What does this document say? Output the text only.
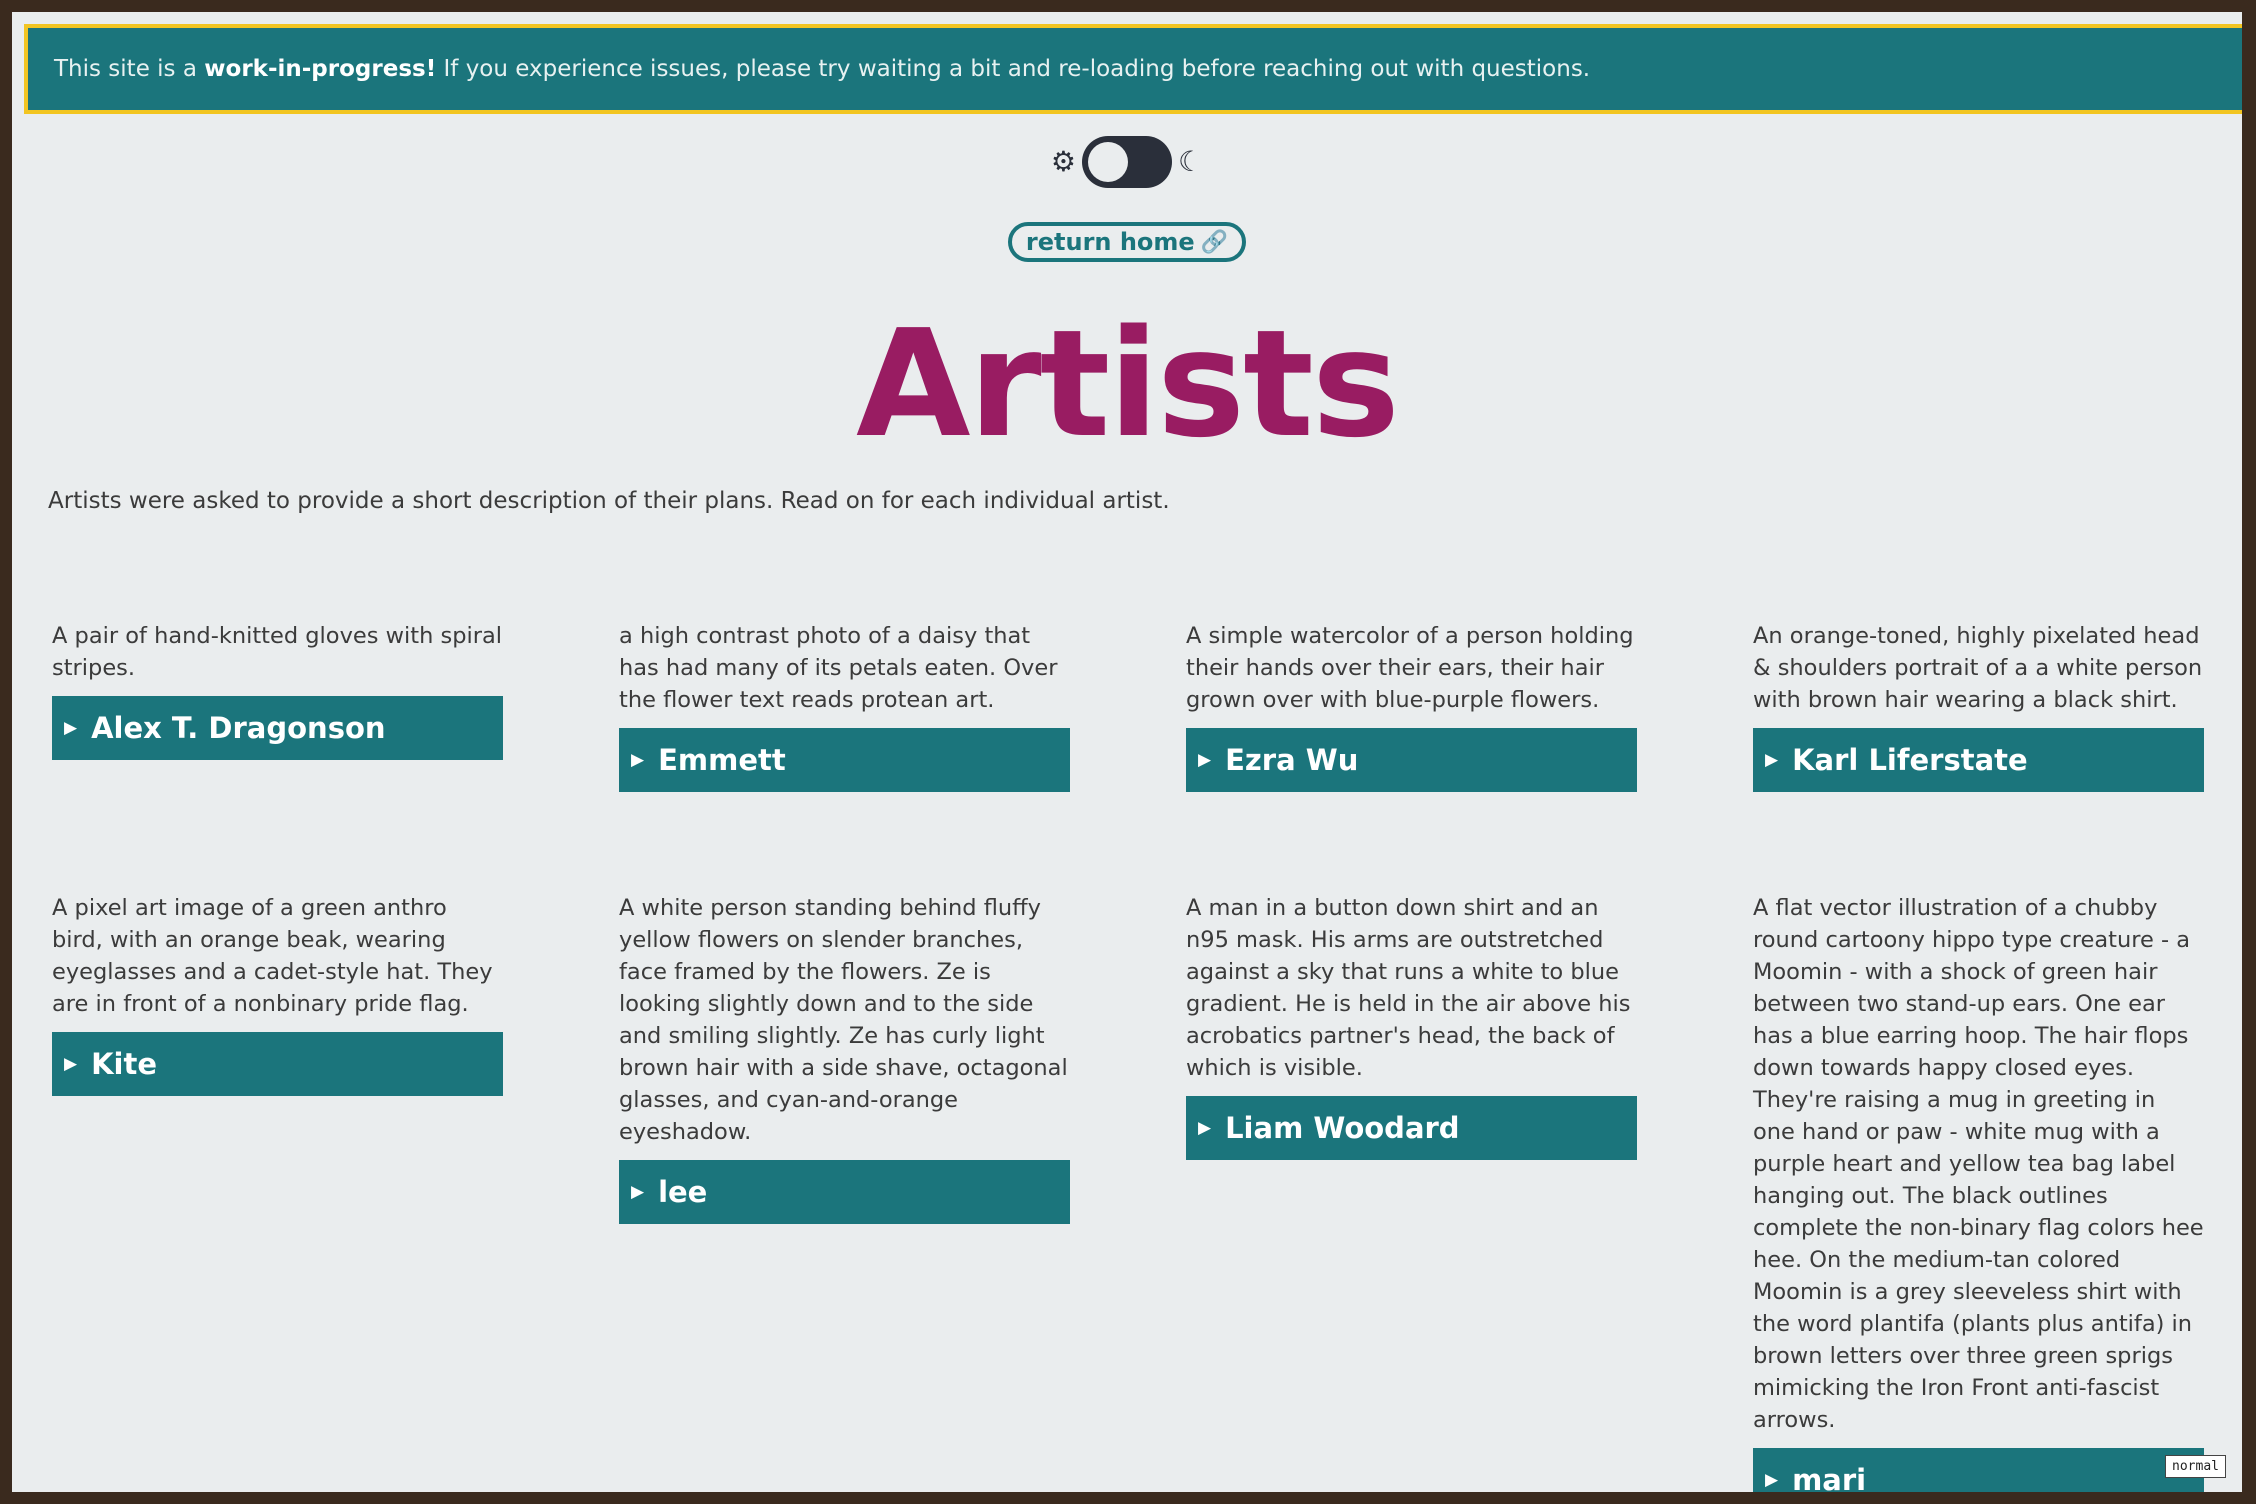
This site is a work-in-progress! If you experience issues, please try waiting a bit and re-loading before reaching out with questions.
⚙	☾
return home 🔗
Artists
Artists were asked to provide a short description of their plans. Read on for each individual artist.

A pair of hand-knitted gloves with spiral stripes.

▶ Alex T. Dragonson

a high contrast photo of a daisy that has had many of its petals eaten. Over the flower text reads protean art.

▶ Emmett

A simple watercolor of a person holding their hands over their ears, their hair grown over with blue-purple flowers.

▶ Ezra Wu

An orange-toned, highly pixelated head & shoulders portrait of a a white person with brown hair wearing a black shirt.

▶ Karl Liferstate

A pixel art image of a green anthro bird, with an orange beak, wearing eyeglasses and a cadet-style hat. They are in front of a nonbinary pride flag.

▶ Kite

A white person standing behind fluffy yellow flowers on slender branches, face framed by the flowers. Ze is looking slightly down and to the side and smiling slightly. Ze has curly light brown hair with a side shave, octagonal glasses, and cyan-and-orange eyeshadow.

▶ lee

A man in a button down shirt and an n95 mask. His arms are outstretched against a sky that runs a white to blue gradient. He is held in the air above his acrobatics partner's head, the back of which is visible.

▶ Liam Woodard

A flat vector illustration of a chubby round cartoony hippo type creature - a Moomin - with a shock of green hair between two stand-up ears. One ear has a blue earring hoop. The hair flops down towards happy closed eyes. They're raising a mug in greeting in one hand or paw - white mug with a purple heart and yellow tea bag label hanging out. The black outlines complete the non-binary flag colors hee hee. On the medium-tan colored Moomin is a grey sleeveless shirt with the word plantifa (plants plus antifa) in brown letters over three green sprigs mimicking the Iron Front anti-fascist arrows.

▶ mari	normal
